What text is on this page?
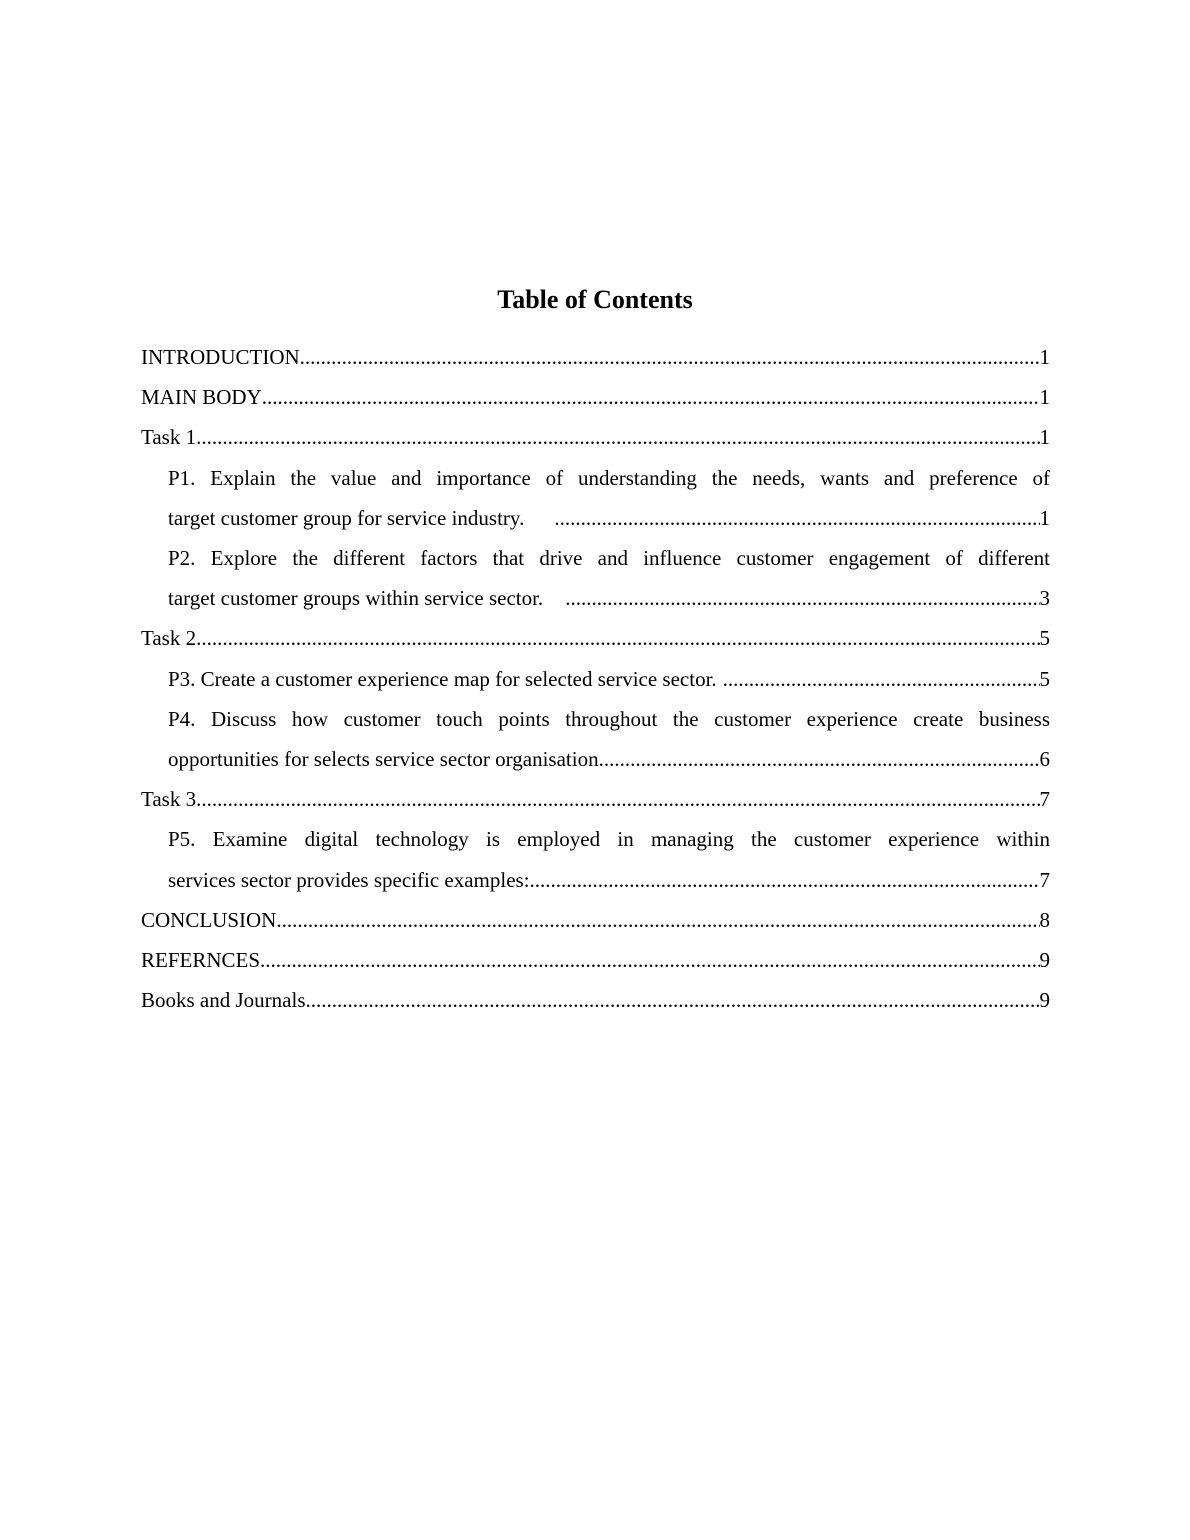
Table of Contents
INTRODUCTION .....	1
MAIN BODY .....	1
Task 1 .....	1
P1. Explain the value and importance of understanding the needs, wants and preference of
target customer group for service industry. .....	1
P2. Explore the different factors that drive and influence customer engagement of different
target customer groups within service sector. .....	3
Task 2 .....	5
P3. Create a customer experience map for selected service sector. .....	5
P4. Discuss how customer touch points throughout the customer experience create business
opportunities for selects service sector organisation .....	6
Task 3 .....	7
P5. Examine digital technology is employed in managing the customer experience within
services sector provides specific examples: .....	7
CONCLUSION .....	8
REFERNCES .....	9
Books and Journals .....	9
